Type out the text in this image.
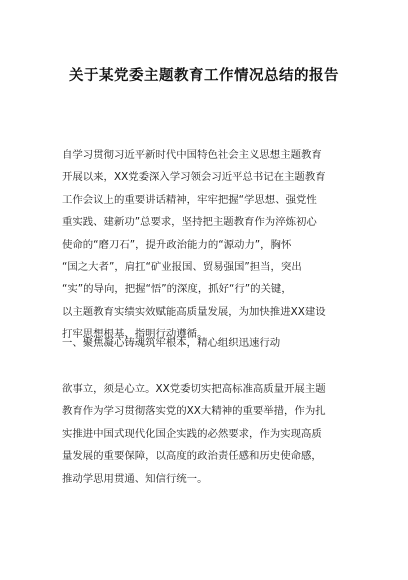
关于某党委主题教育工作情况总结的报告
自学习贯彻习近平新时代中国特色社会主义思想主题教育
开展以来，XX党委深入学习领会习近平总书记在主题教育
工作会议上的重要讲话精神，牢牢把握“学思想、强党性
重实践、建新功”总要求，坚持把主题教育作为淬炼初心
使命的“磨刀石”，提升政治能力的“源动力”，胸怀
“国之大者”，肩扛“矿业报国、贸易强国”担当，突出
“实”的导向，把握“悟”的深度，抓好“行”的关键，
以主题教育实绩实效赋能高质量发展，为加快推进XX建设
打牢思想根基、指明行动遵循。
一、聚焦凝心铸魂筑牢根本，精心组织迅速行动
欲事立，须是心立。XX党委切实把高标准高质量开展主题
教育作为学习贯彻落实党的XX大精神的重要举措，作为扎
实推进中国式现代化国企实践的必然要求，作为实现高质
量发展的重要保障，以高度的政治责任感和历史使命感，
推动学思用贯通、知信行统一。
